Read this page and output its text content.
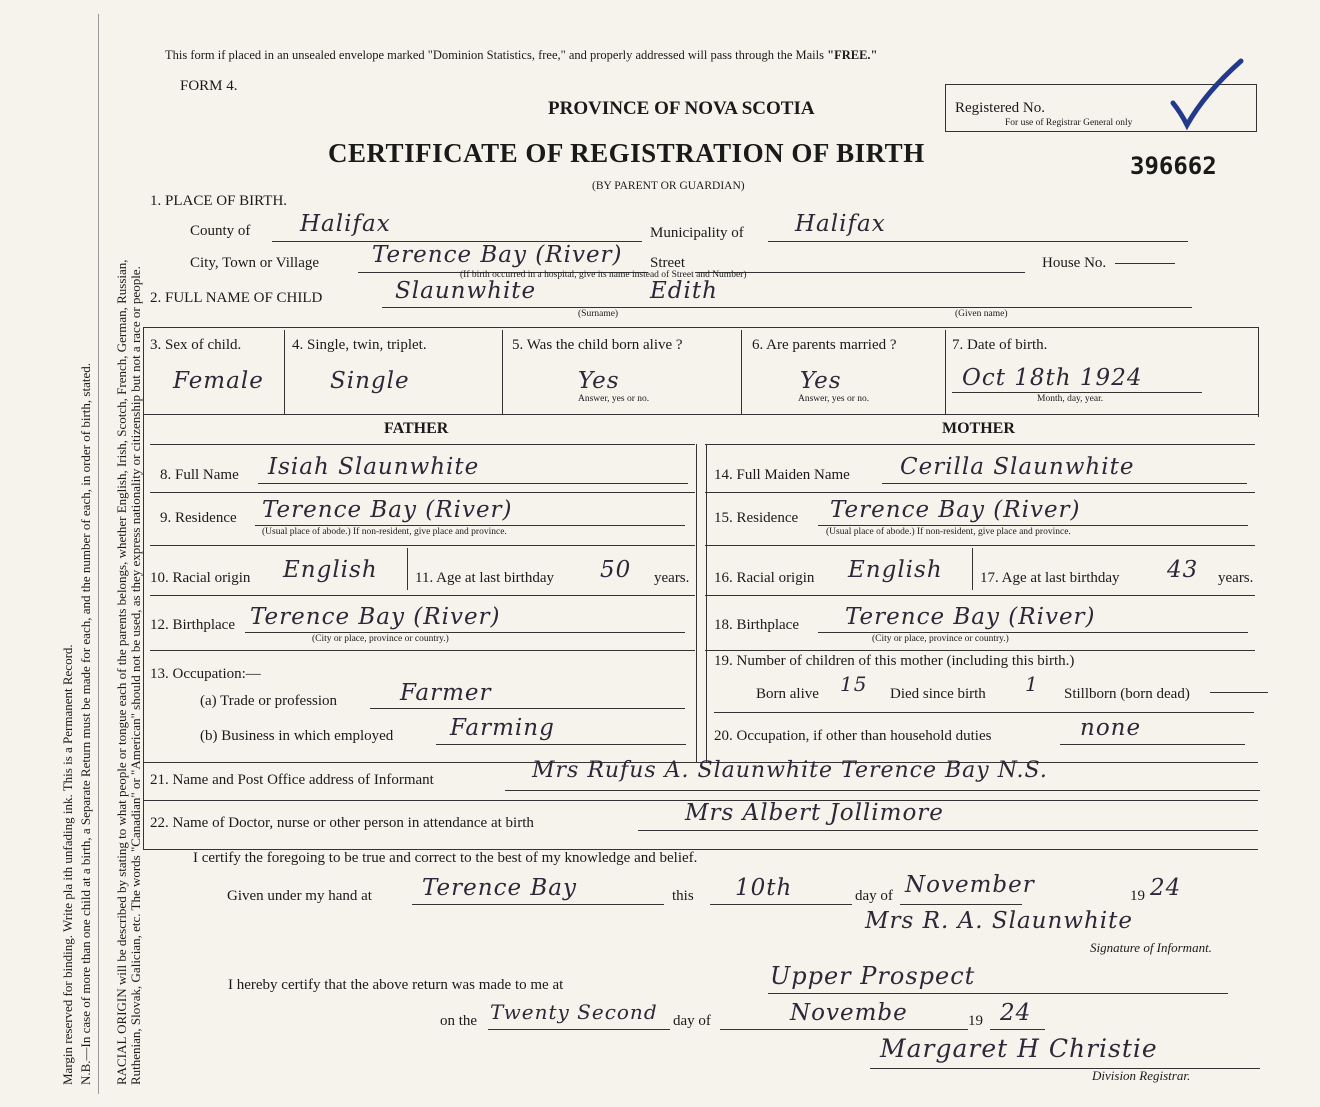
Margin reserved for binding. Write pla ith unfading ink. This is a Permanent Record. N.B.—In case of more than one child at a birth, a Separate Return must be made for each, and the number of each, in order of birth, stated. RACIAL ORIGIN will be described by stating to what people or tongue each of the parents belongs, whether English, Irish, Scotch, French, German, Russian, Ruthenian, Slovak, Galician, etc. The words "Canadian" or "American" should not be used, as they express nationality or citizenship but not a race or people.
This form if placed in an unsealed envelope marked "Dominion Statistics, free," and properly addressed will pass through the Mails "FREE."
FORM 4.
PROVINCE OF NOVA SCOTIA	Registered No.
For use of Registrar General only
CERTIFICATE OF REGISTRATION OF BIRTH
(BY PARENT OR GUARDIAN)
396662
1. PLACE OF BIRTH.
County of Halifax	Municipality of Halifax
City, Town or Village Terence Bay (River) Street	House No.
(If birth occurred in a hospital, give its name instead of Street and Number)
2. FULL NAME OF CHILD	Slaunwhite	Edith
(Surname)	(Given name)
3. Sex of child.
Female
4. Single, twin, triplet.
Single
5. Was the child born alive ?
Yes
Answer, yes or no.
6. Are parents married ?
Yes
Answer, yes or no.
7. Date of birth.
Oct 18th 1924
Month, day, year.
FATHER	MOTHER
8. Full Name Isiah Slaunwhite
9. Residence Terence Bay (River)
(Usual place of abode.) If non-resident, give place and province.
10. Racial origin English 11. Age at last birthday 50 years.
12. Birthplace Terence Bay (River)
(City or place, province or country.)
13. Occupation:—
(a) Trade or profession	Farmer
(b) Business in which employed Farming
14. Full Maiden Name Cerilla Slaunwhite
15. Residence Terence Bay (River)
(Usual place of abode.) If non-resident, give place and province.
16. Racial origin English 17. Age at last birthday 43 years.
18. Birthplace Terence Bay (River)
(City or place, province or country.)
19. Number of children of this mother (including this birth.)
Born alive 15 Died since birth 1 Stillborn (born dead)
20. Occupation, if other than household duties	none
21. Name and Post Office address of Informant	Mrs Rufus A. Slaunwhite Terence Bay N.S.
22. Name of Doctor, nurse or other person in attendance at birth	Mrs Albert Jollimore
I certify the foregoing to be true and correct to the best of my knowledge and belief.
Given under my hand at Terence Bay	this 10th	day of November	19 24
Mrs R. A. Slaunwhite
Signature of Informant.
I hereby certify that the above return was made to me at	Upper Prospect
on the Twenty Second day of	Novembe	19 24
Margaret H Christie
Division Registrar.
